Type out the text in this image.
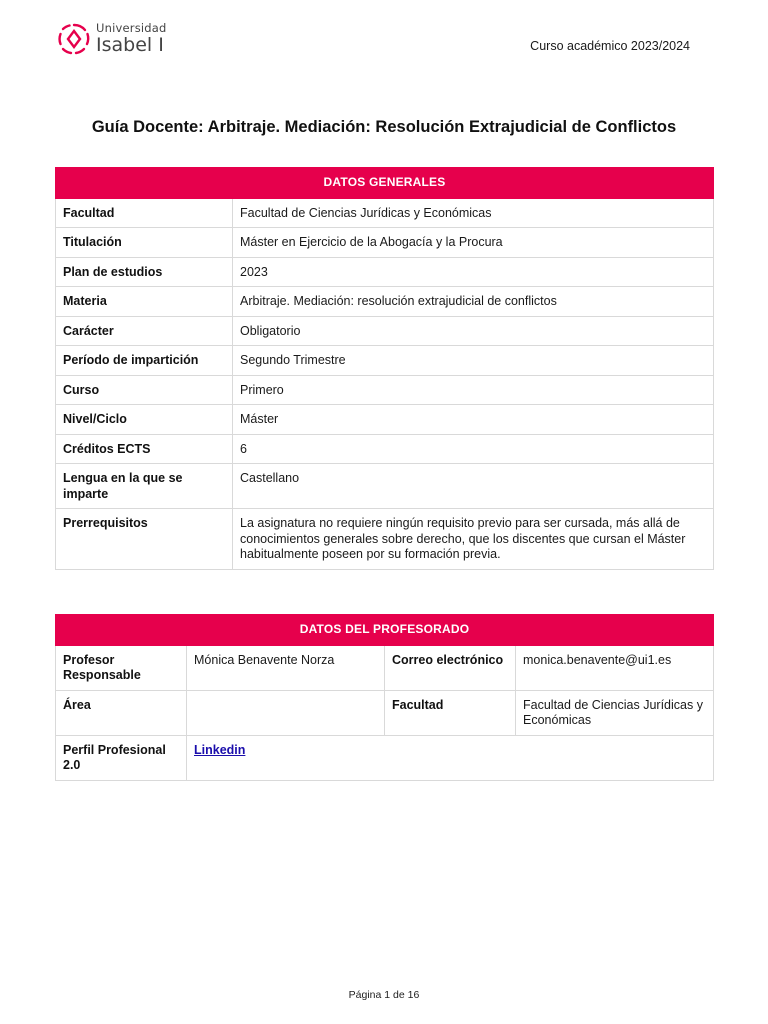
Universidad
Isabel I	Curso académico 2023/2024
Guía Docente: Arbitraje. Mediación: Resolución Extrajudicial de Conflictos
DATOS GENERALES	
Facultad	Facultad de Ciencias Jurídicas y Económicas
Titulación	Máster en Ejercicio de la Abogacía y la Procura
Plan de estudios	2023
Materia	Arbitraje. Mediación: resolución extrajudicial de conflictos
Carácter	Obligatorio
Período de impartición	Segundo Trimestre
Curso	Primero
Nivel/Ciclo	Máster
Créditos ECTS	6
Lengua en la que se imparte	Castellano
Prerrequisitos	La asignatura no requiere ningún requisito previo para ser cursada, más allá de conocimientos generales sobre derecho, que los discentes que cursan el Máster habitualmente poseen por su formación previa.
DATOS DEL PROFESORADO			
Profesor Responsable	Mónica Benavente Norza	Correo electrónico	monica.benavente@ui1.es
Área		Facultad	Facultad de Ciencias Jurídicas y Económicas
Perfil Profesional 2.0	Linkedin		
Página 1 de 16
